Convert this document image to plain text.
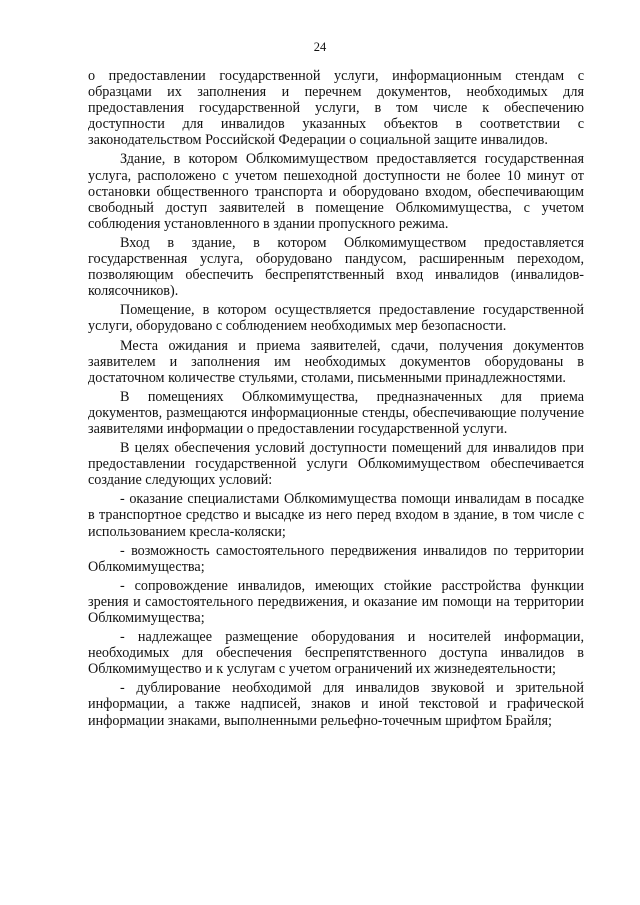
24

о предоставлении государственной услуги, информационным стендам с образцами их заполнения и перечнем документов, необходимых для предоставления государственной услуги, в том числе к обеспечению доступности для инвалидов указанных объектов в соответствии с законодательством Российской Федерации о социальной защите инвалидов.

Здание, в котором Облкомимуществом предоставляется государственная услуга, расположено с учетом пешеходной доступности не более 10 минут от остановки общественного транспорта и оборудовано входом, обеспечивающим свободный доступ заявителей в помещение Облкомимущества, с учетом соблюдения установленного в здании пропускного режима.

Вход в здание, в котором Облкомимуществом предоставляется государственная услуга, оборудовано пандусом, расширенным переходом, позволяющим обеспечить беспрепятственный вход инвалидов (инвалидов-колясочников).

Помещение, в котором осуществляется предоставление государственной услуги, оборудовано с соблюдением необходимых мер безопасности.

Места ожидания и приема заявителей, сдачи, получения документов заявителем и заполнения им необходимых документов оборудованы в достаточном количестве стульями, столами, письменными принадлежностями.

В помещениях Облкомимущества, предназначенных для приема документов, размещаются информационные стенды, обеспечивающие получение заявителями информации о предоставлении государственной услуги.

В целях обеспечения условий доступности помещений для инвалидов при предоставлении государственной услуги Облкомимуществом обеспечивается создание следующих условий:

- оказание специалистами Облкомимущества помощи инвалидам в посадке в транспортное средство и высадке из него перед входом в здание, в том числе с использованием кресла-коляски;

- возможность самостоятельного передвижения инвалидов по территории Облкомимущества;

- сопровождение инвалидов, имеющих стойкие расстройства функции зрения и самостоятельного передвижения, и оказание им помощи на территории Облкомимущества;

- надлежащее размещение оборудования и носителей информации, необходимых для обеспечения беспрепятственного доступа инвалидов в Облкомимущество и к услугам с учетом ограничений их жизнедеятельности;

- дублирование необходимой для инвалидов звуковой и зрительной информации, а также надписей, знаков и иной текстовой и графической информации знаками, выполненными рельефно-точечным шрифтом Брайля;
